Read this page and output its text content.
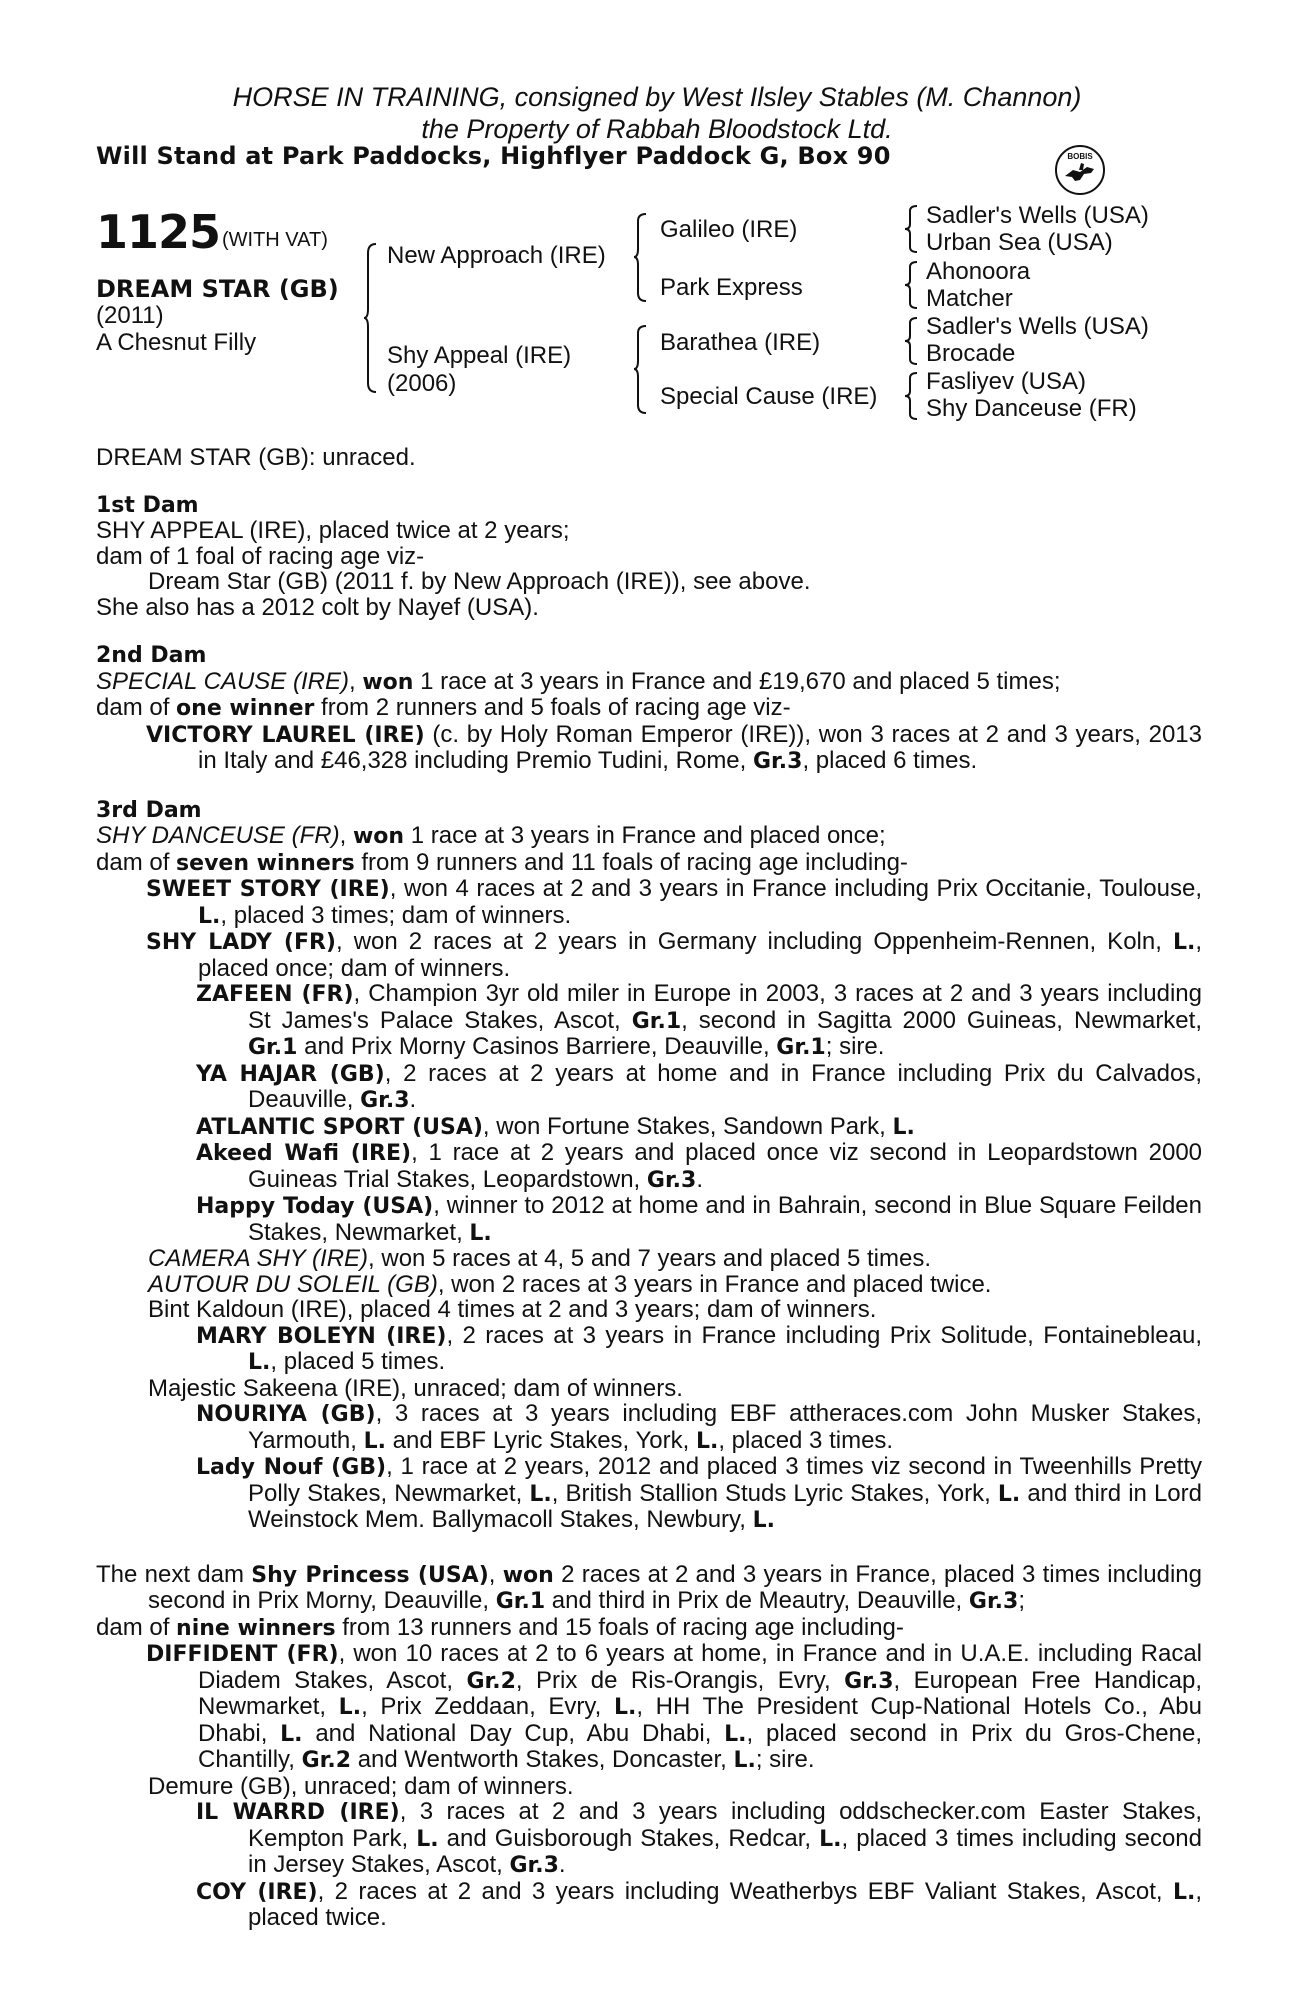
HORSE IN TRAINING, consigned by West Ilsley Stables (M. Channon)
the Property of Rabbah Bloodstock Ltd.
Will Stand at Park Paddocks, Highflyer Paddock G, Box 90	BOBIS
1125 (WITH VAT)
DREAM STAR (GB)
(2011)
A Chesnut Filly
New Approach (IRE)
Shy Appeal (IRE)
(2006)
Galileo (IRE)
Park Express
Barathea (IRE)
Special Cause (IRE)
Sadler's Wells (USA)
Urban Sea (USA)
Ahonoora
Matcher
Sadler's Wells (USA)
Brocade
Fasliyev (USA)
Shy Danceuse (FR)

DREAM STAR (GB): unraced.

1st Dam

SHY APPEAL (IRE), placed twice at 2 years;

dam of 1 foal of racing age viz-

Dream Star (GB) (2011 f. by New Approach (IRE)), see above.

She also has a 2012 colt by Nayef (USA).

2nd Dam

SPECIAL CAUSE (IRE), won 1 race at 3 years in France and £19,670 and placed 5 times;

dam of one winner from 2 runners and 5 foals of racing age viz-

VICTORY LAUREL (IRE) (c. by Holy Roman Emperor (IRE)), won 3 races at 2 and 3 years, 2013 in Italy and £46,328 including Premio Tudini, Rome, Gr.3, placed 6 times.

3rd Dam

SHY DANCEUSE (FR), won 1 race at 3 years in France and placed once;

dam of seven winners from 9 runners and 11 foals of racing age including-

SWEET STORY (IRE), won 4 races at 2 and 3 years in France including Prix Occitanie, Toulouse, L., placed 3 times; dam of winners.

SHY LADY (FR), won 2 races at 2 years in Germany including Oppenheim-Rennen, Koln, L., placed once; dam of winners.

ZAFEEN (FR), Champion 3yr old miler in Europe in 2003, 3 races at 2 and 3 years including St James's Palace Stakes, Ascot, Gr.1, second in Sagitta 2000 Guineas, Newmarket, Gr.1 and Prix Morny Casinos Barriere, Deauville, Gr.1; sire.

YA HAJAR (GB), 2 races at 2 years at home and in France including Prix du Calvados, Deauville, Gr.3.

ATLANTIC SPORT (USA), won Fortune Stakes, Sandown Park, L.

Akeed Wafi (IRE), 1 race at 2 years and placed once viz second in Leopardstown 2000 Guineas Trial Stakes, Leopardstown, Gr.3.

Happy Today (USA), winner to 2012 at home and in Bahrain, second in Blue Square Feilden Stakes, Newmarket, L.

CAMERA SHY (IRE), won 5 races at 4, 5 and 7 years and placed 5 times.

AUTOUR DU SOLEIL (GB), won 2 races at 3 years in France and placed twice.

Bint Kaldoun (IRE), placed 4 times at 2 and 3 years; dam of winners.

MARY BOLEYN (IRE), 2 races at 3 years in France including Prix Solitude, Fontainebleau, L., placed 5 times.

Majestic Sakeena (IRE), unraced; dam of winners.

NOURIYA (GB), 3 races at 3 years including EBF attheraces.com John Musker Stakes, Yarmouth, L. and EBF Lyric Stakes, York, L., placed 3 times.

Lady Nouf (GB), 1 race at 2 years, 2012 and placed 3 times viz second in Tweenhills Pretty Polly Stakes, Newmarket, L., British Stallion Studs Lyric Stakes, York, L. and third in Lord Weinstock Mem. Ballymacoll Stakes, Newbury, L.

The next dam Shy Princess (USA), won 2 races at 2 and 3 years in France, placed 3 times including second in Prix Morny, Deauville, Gr.1 and third in Prix de Meautry, Deauville, Gr.3;

dam of nine winners from 13 runners and 15 foals of racing age including-

DIFFIDENT (FR), won 10 races at 2 to 6 years at home, in France and in U.A.E. including Racal Diadem Stakes, Ascot, Gr.2, Prix de Ris-Orangis, Evry, Gr.3, European Free Handicap, Newmarket, L., Prix Zeddaan, Evry, L., HH The President Cup-National Hotels Co., Abu Dhabi, L. and National Day Cup, Abu Dhabi, L., placed second in Prix du Gros-Chene, Chantilly, Gr.2 and Wentworth Stakes, Doncaster, L.; sire.

Demure (GB), unraced; dam of winners.

IL WARRD (IRE), 3 races at 2 and 3 years including oddschecker.com Easter Stakes, Kempton Park, L. and Guisborough Stakes, Redcar, L., placed 3 times including second in Jersey Stakes, Ascot, Gr.3.

COY (IRE), 2 races at 2 and 3 years including Weatherbys EBF Valiant Stakes, Ascot, L., placed twice.
